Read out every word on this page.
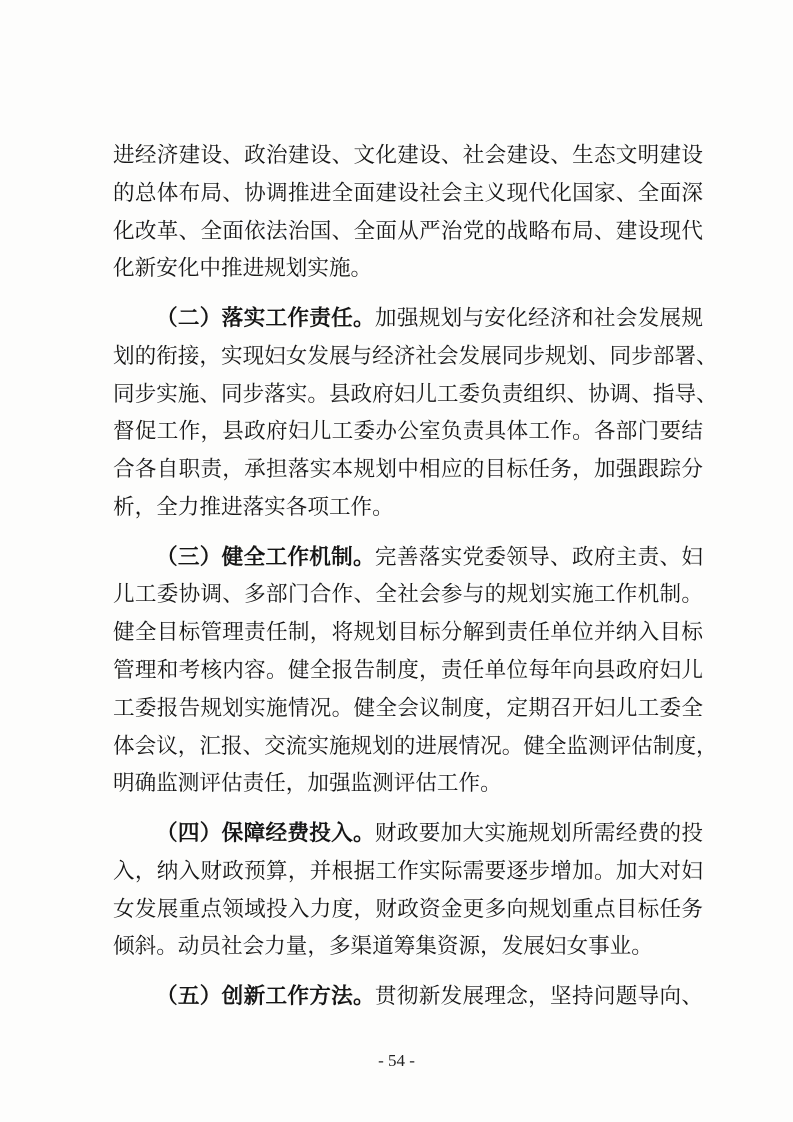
进经济建设、政治建设、文化建设、社会建设、生态文明建设
的总体布局、协调推进全面建设社会主义现代化国家、全面深
化改革、全面依法治国、全面从严治党的战略布局、建设现代
化新安化中推进规划实施。
（二）落实工作责任。加强规划与安化经济和社会发展规
划的衔接，实现妇女发展与经济社会发展同步规划、同步部署、
同步实施、同步落实。县政府妇儿工委负责组织、协调、指导、
督促工作，县政府妇儿工委办公室负责具体工作。各部门要结
合各自职责，承担落实本规划中相应的目标任务，加强跟踪分
析，全力推进落实各项工作。
（三）健全工作机制。完善落实党委领导、政府主责、妇
儿工委协调、多部门合作、全社会参与的规划实施工作机制。
健全目标管理责任制，将规划目标分解到责任单位并纳入目标
管理和考核内容。健全报告制度，责任单位每年向县政府妇儿
工委报告规划实施情况。健全会议制度，定期召开妇儿工委全
体会议，汇报、交流实施规划的进展情况。健全监测评估制度，
明确监测评估责任，加强监测评估工作。
（四）保障经费投入。财政要加大实施规划所需经费的投
入，纳入财政预算，并根据工作实际需要逐步增加。加大对妇
女发展重点领域投入力度，财政资金更多向规划重点目标任务
倾斜。动员社会力量，多渠道筹集资源，发展妇女事业。
（五）创新工作方法。贯彻新发展理念，坚持问题导向、
- 54 -
